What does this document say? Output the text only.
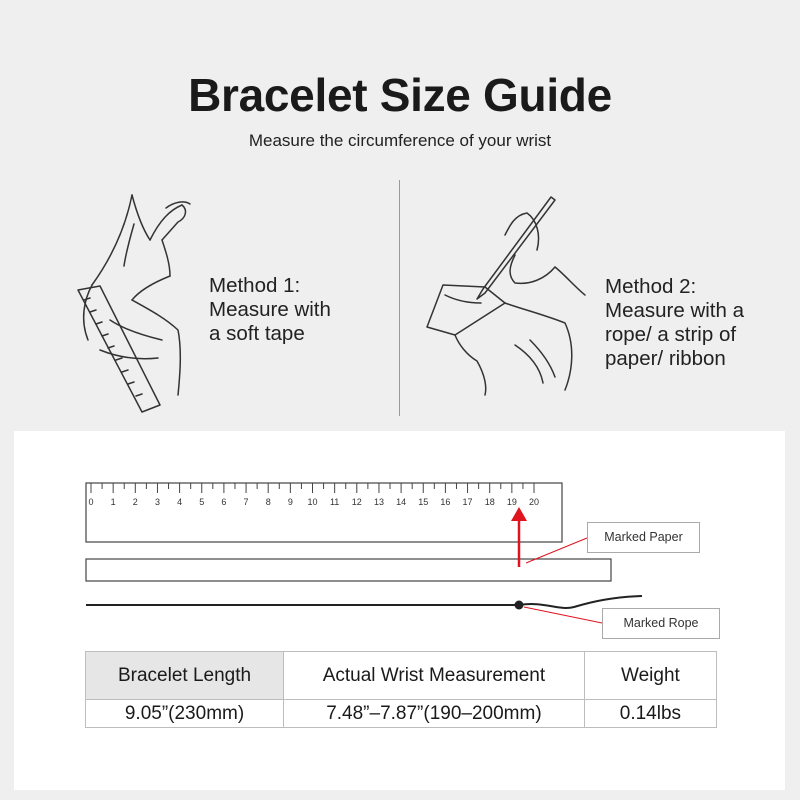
Bracelet Size Guide
Measure the circumference of your wrist
Method 1:
Measure with
a soft tape
Method 2:
Measure with a
rope/ a strip of
paper/ ribbon
0 1 2 3 4 5 6 7 8 9 10 11 12 13 14 15 16 17 18 19 20
Marked Paper
Marked Rope
Bracelet Length	Actual Wrist Measurement	Weight
9.05”(230mm)	7.48”–7.87”(190–200mm)	0.14lbs
